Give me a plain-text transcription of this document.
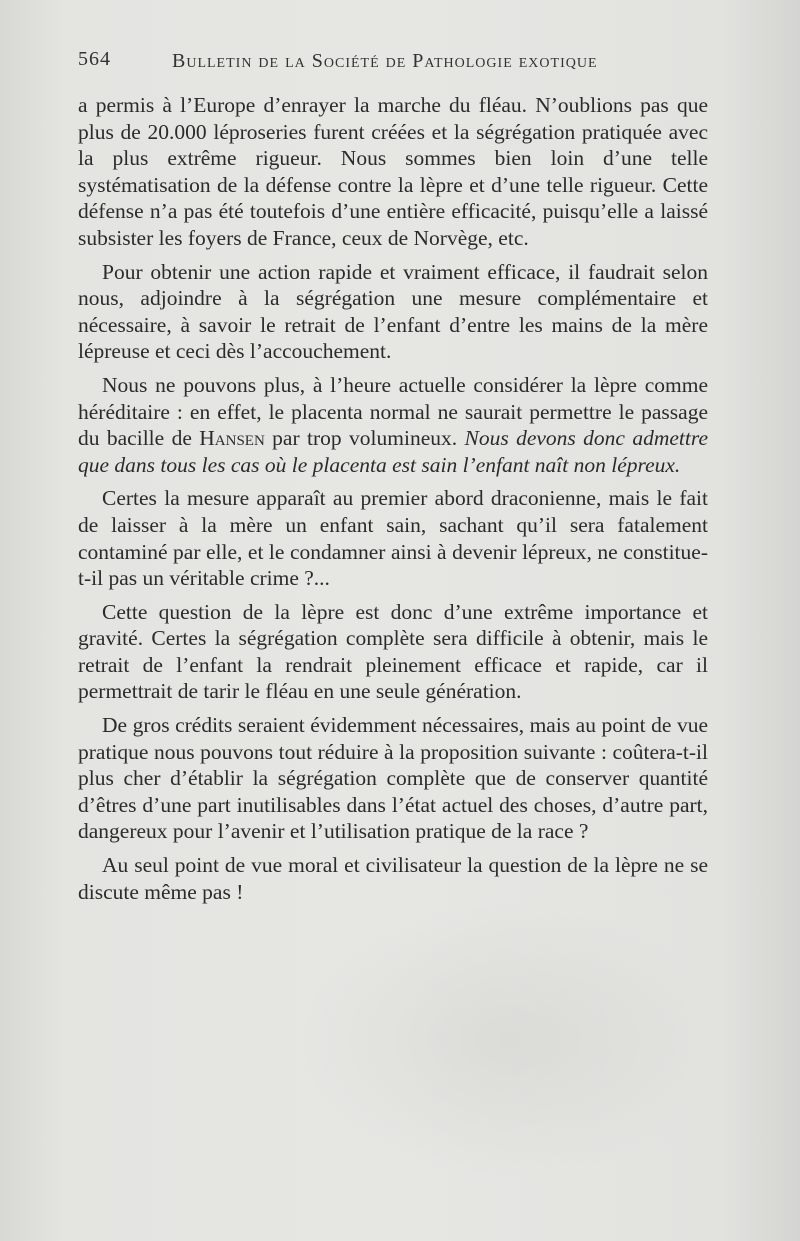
564	Bulletin de la Société de Pathologie exotique

a permis à l’Europe d’enrayer la marche du fléau. N’oublions pas que plus de 20.000 léproseries furent créées et la ségrégation pratiquée avec la plus extrême rigueur. Nous sommes bien loin d’une telle systématisation de la défense contre la lèpre et d’une telle rigueur. Cette défense n’a pas été toutefois d’une entière efficacité, puisqu’elle a laissé subsister les foyers de France, ceux de Norvège, etc.

Pour obtenir une action rapide et vraiment efficace, il faudrait selon nous, adjoindre à la ségrégation une mesure complémentaire et nécessaire, à savoir le retrait de l’enfant d’entre les mains de la mère lépreuse et ceci dès l’accouchement.

Nous ne pouvons plus, à l’heure actuelle considérer la lèpre comme héréditaire : en effet, le placenta normal ne saurait permettre le passage du bacille de Hansen par trop volumineux. Nous devons donc admettre que dans tous les cas où le placenta est sain l’enfant naît non lépreux.

Certes la mesure apparaît au premier abord draconienne, mais le fait de laisser à la mère un enfant sain, sachant qu’il sera fatalement contaminé par elle, et le condamner ainsi à devenir lépreux, ne constitue-t-il pas un véritable crime ?...

Cette question de la lèpre est donc d’une extrême importance et gravité. Certes la ségrégation complète sera difficile à obtenir, mais le retrait de l’enfant la rendrait pleinement efficace et rapide, car il permettrait de tarir le fléau en une seule génération.

De gros crédits seraient évidemment nécessaires, mais au point de vue pratique nous pouvons tout réduire à la proposition suivante : coûtera-t-il plus cher d’établir la ségrégation complète que de conserver quantité d’êtres d’une part inutilisables dans l’état actuel des choses, d’autre part, dangereux pour l’avenir et l’utilisation pratique de la race ?

Au seul point de vue moral et civilisateur la question de la lèpre ne se discute même pas !
